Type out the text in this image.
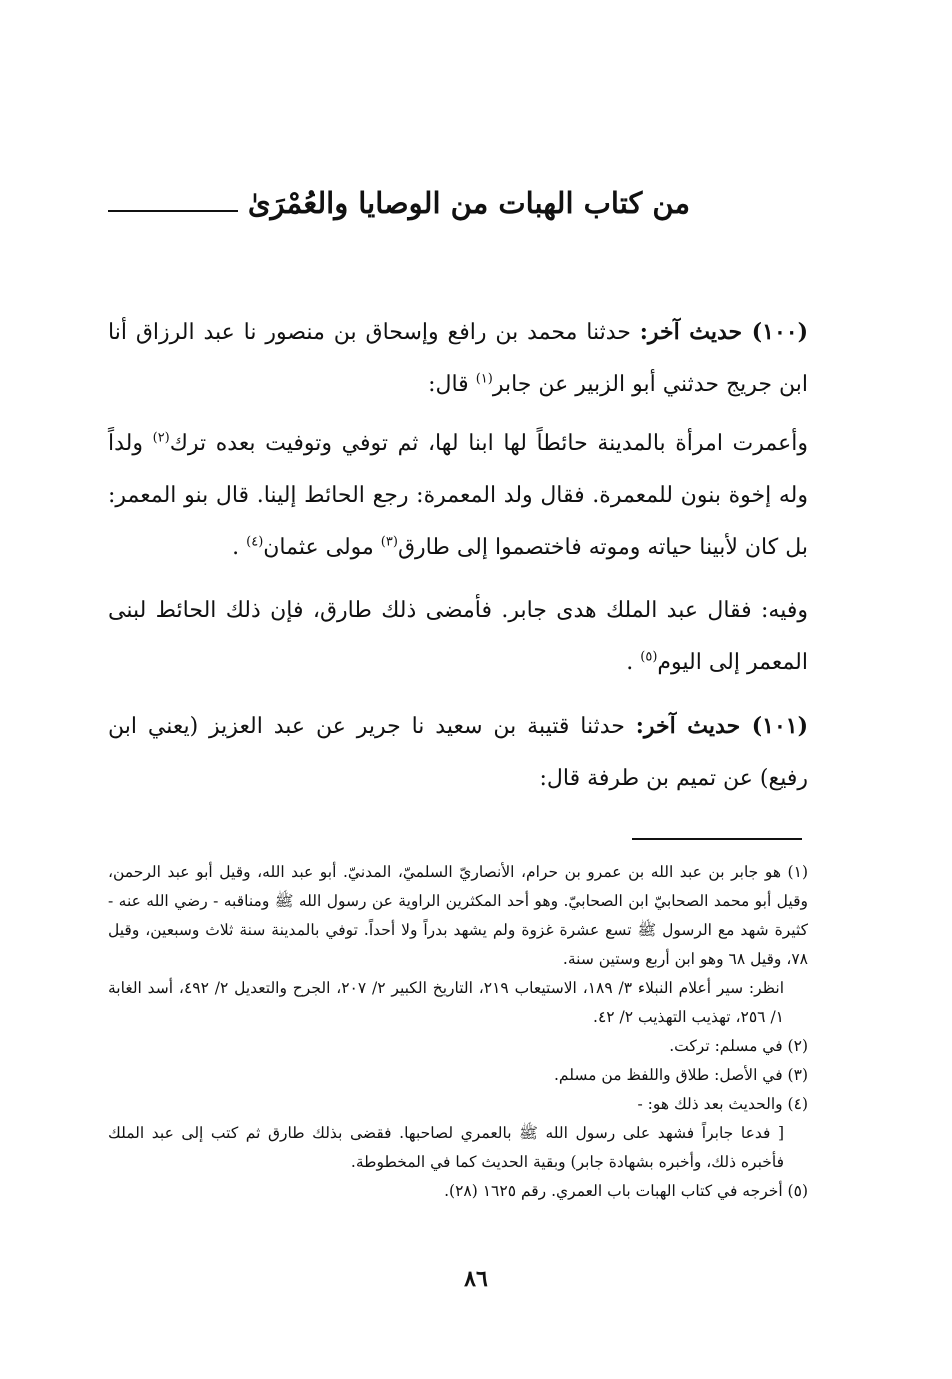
من كتاب الهبات من الوصايا والعُمْرَىٰ

(١٠٠) حديث آخر: حدثنا محمد بن رافع وإسحاق بن منصور نا عبد الرزاق أنا ابن جريج حدثني أبو الزبير عن جابر$^{(١)}$ قال:

وأعمرت امرأة بالمدينة حائطاً لها ابنا لها، ثم توفي وتوفيت بعده ترك$^{(٢)}$ ولداً وله إخوة بنون للمعمرة. فقال ولد المعمرة: رجع الحائط إلينا. قال بنو المعمر: بل كان لأبينا حياته وموته فاختصموا إلى طارق$^{(٣)}$ مولى عثمان$^{(٤)}$ .

وفيه: فقال عبد الملك هدى جابر. فأمضى ذلك طارق، فإن ذلك الحائط لبنى المعمر إلى اليوم$^{(٥)}$ .

(١٠١) حديث آخر: حدثنا قتيبة بن سعيد نا جرير عن عبد العزيز (يعني ابن رفيع) عن تميم بن طرفة قال:

(١) هو جابر بن عبد الله بن عمرو بن حرام، الأنصاريّ السلميّ، المدنيّ. أبو عبد الله، وقيل أبو عبد الرحمن، وقيل أبو محمد الصحابيّ ابن الصحابيّ. وهو أحد المكثرين الراوية عن رسول الله ﷺ ومناقبه - رضي الله عنه - كثيرة شهد مع الرسول ﷺ تسع عشرة غزوة ولم يشهد بدراً ولا أحداً. توفي بالمدينة سنة ثلاث وسبعين، وقيل ٧٨، وقيل ٦٨ وهو ابن أربع وستين سنة.

انظر: سير أعلام النبلاء ٣/ ١٨٩، الاستيعاب ٢١٩، التاريخ الكبير ٢/ ٢٠٧، الجرح والتعديل ٢/ ٤٩٢، أسد الغابة ١/ ٢٥٦، تهذيب التهذيب ٢/ ٤٢.

(٢) في مسلم: تركت.

(٣) في الأصل: طلاق واللفظ من مسلم.

(٤) والحديث بعد ذلك هو: -

[ فدعا جابراً فشهد على رسول الله ﷺ بالعمري لصاحبها. فقضى بذلك طارق ثم كتب إلى عبد الملك فأخبره ذلك، وأخبره بشهادة جابر) وبقية الحديث كما في المخطوطة.

(٥) أخرجه في كتاب الهبات باب العمري. رقم ١٦٢٥ (٢٨).

٨٦
